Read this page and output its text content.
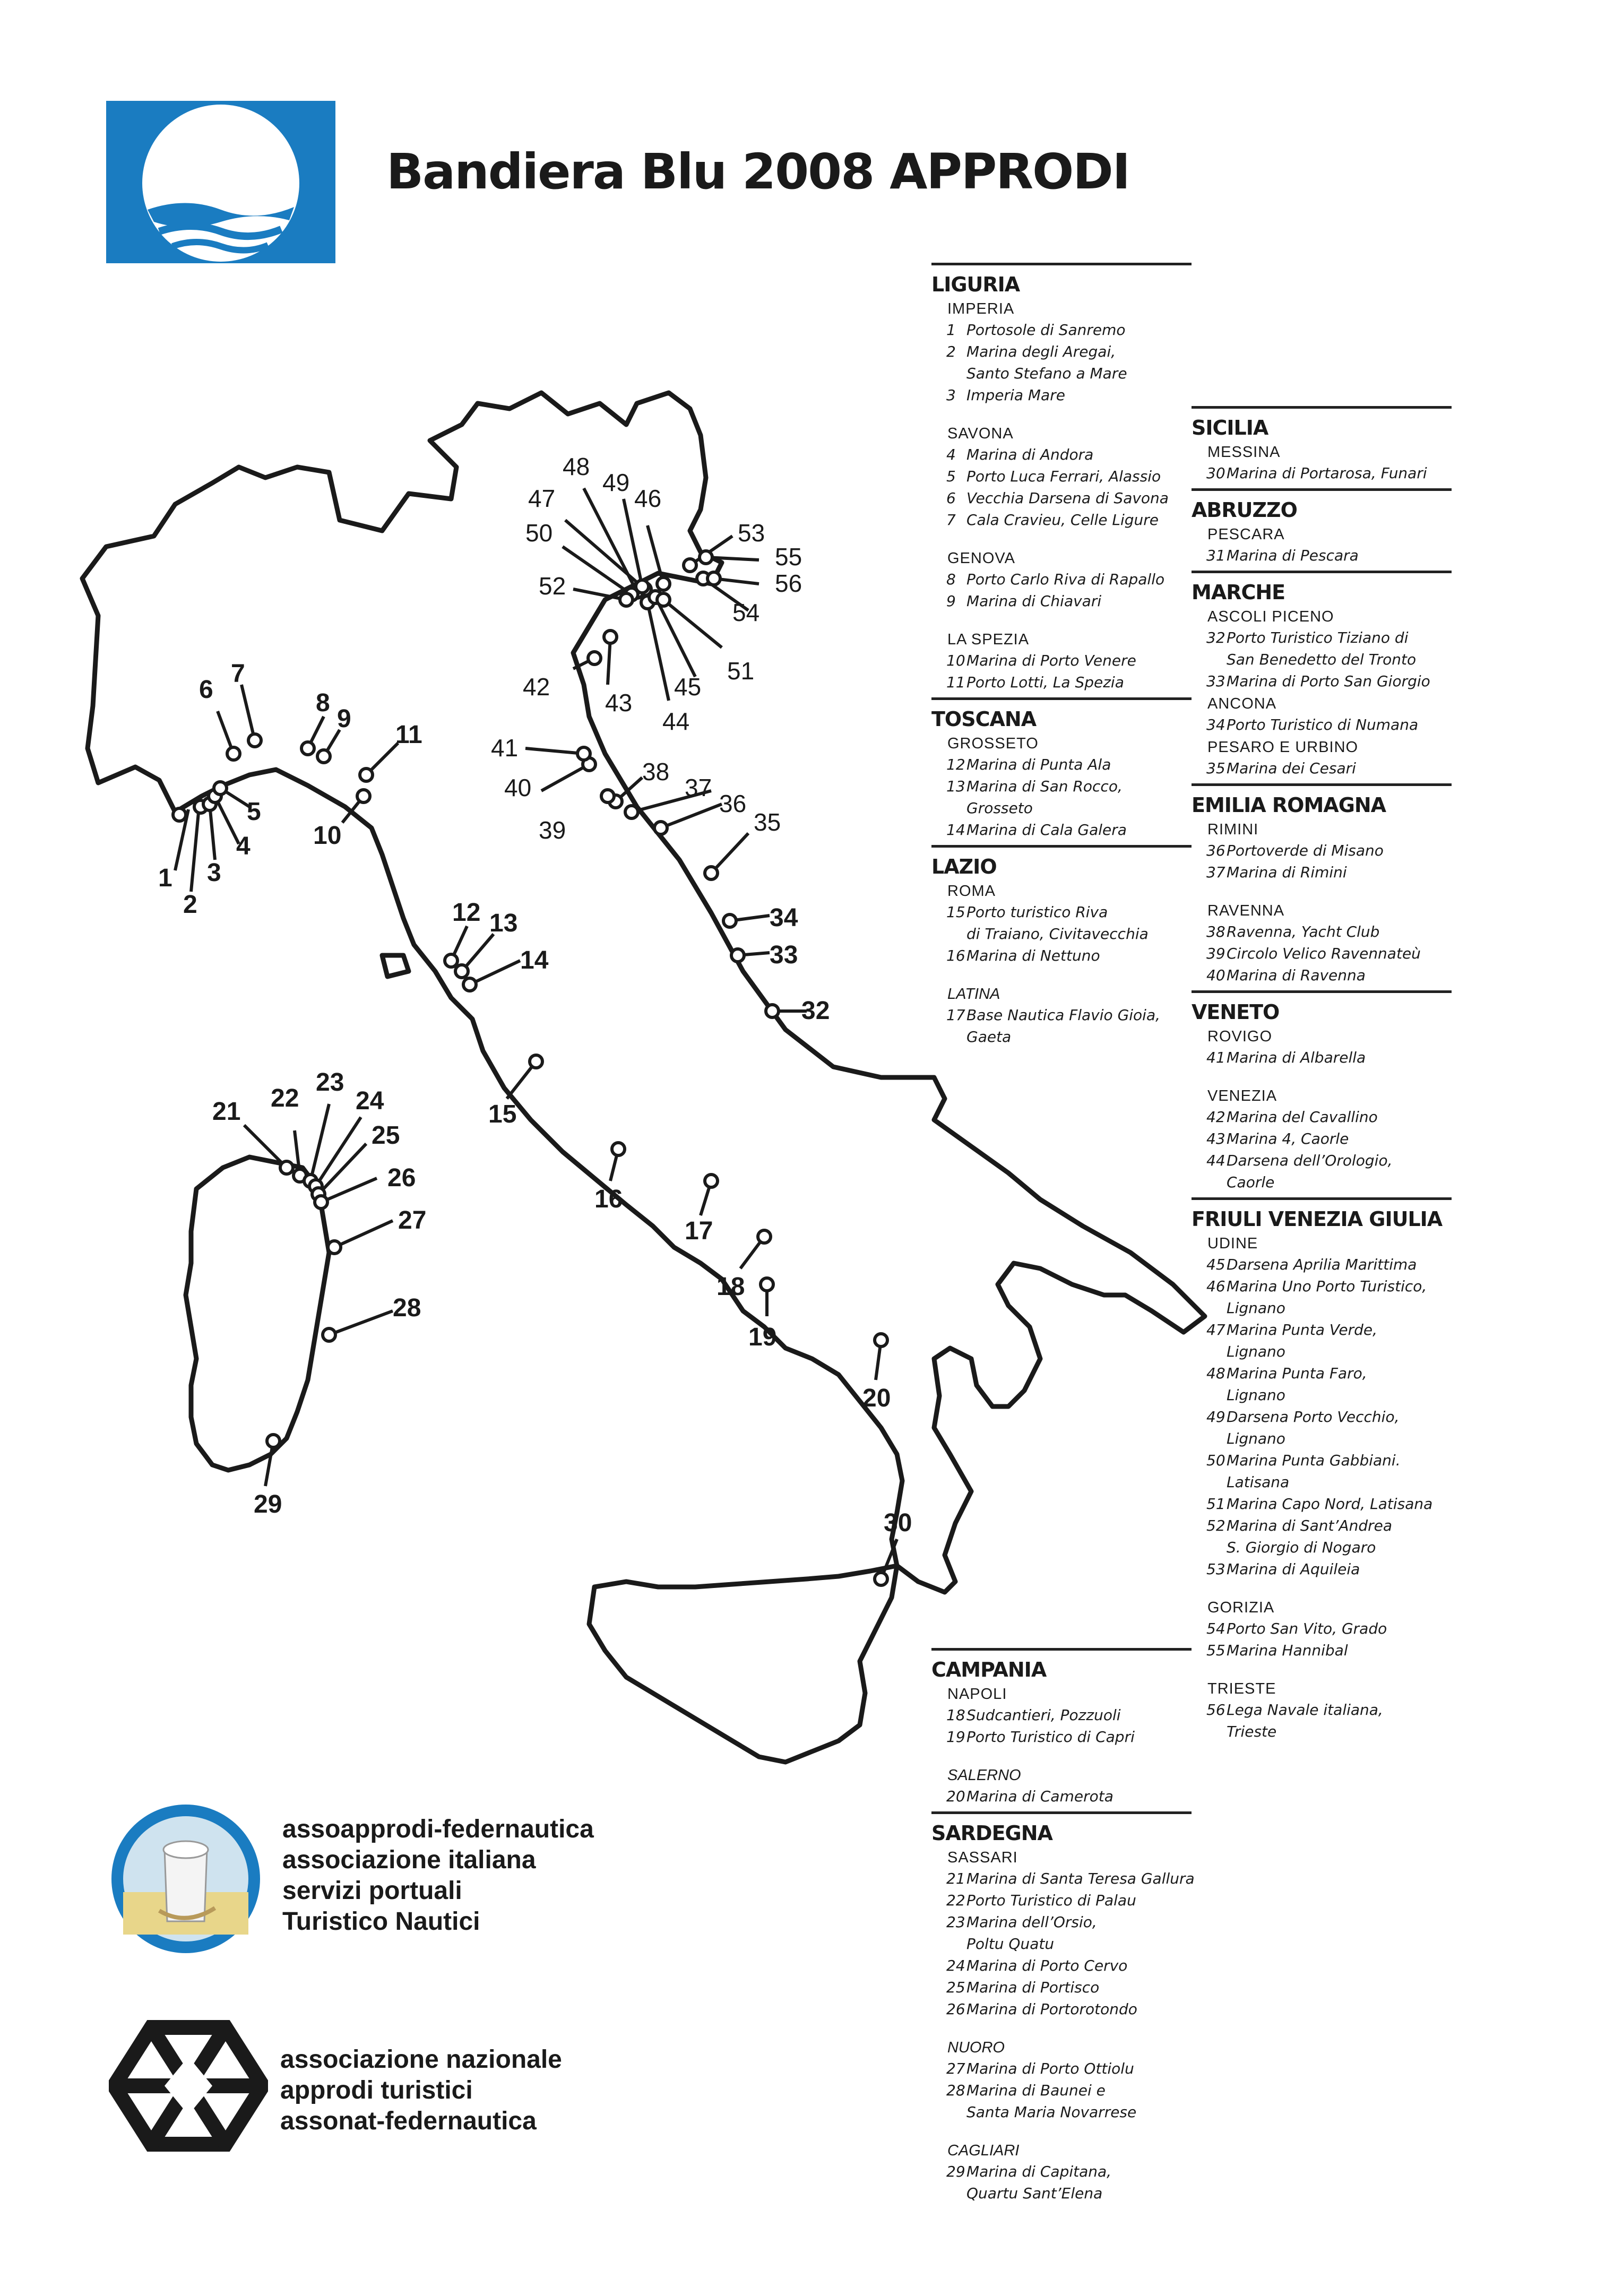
Bandiera Blu 2008 APPRODI
1
2
3
4
5
6
7
8
9
10
11
12 13
14
15
16
17
18
19
20
21 22
23
24
25
26
27
28
29
30
32
33
34
35
36
37
38
39
40
41
42
43
44
45
46
47
48
49
50
51
52
53
54
55
56
LIGURIA
IMPERIA
1 Portosole di Sanremo
2 Marina degli Aregai,
Santo Stefano a Mare
3 Imperia Mare
SAVONA
4 Marina di Andora
5 Porto Luca Ferrari, Alassio
6 Vecchia Darsena di Savona
7 Cala Cravieu, Celle Ligure
GENOVA
8 Porto Carlo Riva di Rapallo
9 Marina di Chiavari
LA SPEZIA
10Marina di Porto Venere
11Porto Lotti, La Spezia
TOSCANA
GROSSETO
12Marina di Punta Ala
13Marina di San Rocco,
Grosseto
14Marina di Cala Galera
LAZIO
ROMA
15Porto turistico Riva
di Traiano, Civitavecchia
16Marina di Nettuno
LATINA
17Base Nautica Flavio Gioia,
Gaeta
CAMPANIA
NAPOLI
18Sudcantieri, Pozzuoli
19Porto Turistico di Capri
SALERNO
20Marina di Camerota
SARDEGNA
SASSARI
21Marina di Santa Teresa Gallura
22Porto Turistico di Palau
23Marina dell’Orsio,
Poltu Quatu
24Marina di Porto Cervo
25Marina di Portisco
26Marina di Portorotondo
NUORO
27Marina di Porto Ottiolu
28Marina di Baunei e
Santa Maria Novarrese
CAGLIARI
29Marina di Capitana,
Quartu Sant’Elena
SICILIA
MESSINA
30Marina di Portarosa, Funari
ABRUZZO
PESCARA
31Marina di Pescara
MARCHE
ASCOLI PICENO
32Porto Turistico Tiziano di
San Benedetto del Tronto
33Marina di Porto San Giorgio
ANCONA
34Porto Turistico di Numana
PESARO E URBINO
35Marina dei Cesari
EMILIA ROMAGNA
RIMINI
36Portoverde di Misano
37Marina di Rimini
RAVENNA
38Ravenna, Yacht Club
39Circolo Velico Ravennateù
40Marina di Ravenna
VENETO
ROVIGO
41Marina di Albarella
VENEZIA
42Marina del Cavallino
43Marina 4, Caorle
44Darsena dell’Orologio,
Caorle
FRIULI VENEZIA GIULIA
UDINE
45Darsena Aprilia Marittima
46Marina Uno Porto Turistico,
Lignano
47Marina Punta Verde,
Lignano
48Marina Punta Faro,
Lignano
49Darsena Porto Vecchio,
Lignano
50Marina Punta Gabbiani.
Latisana
51Marina Capo Nord, Latisana
52Marina di Sant’Andrea
S. Giorgio di Nogaro
53Marina di Aquileia
GORIZIA
54Porto San Vito, Grado
55Marina Hannibal
TRIESTE
56Lega Navale italiana,
Trieste
assoapprodi-federnautica
associazione italiana
servizi portuali
Turistico Nautici
associazione nazionale
approdi turistici
assonat-federnautica
